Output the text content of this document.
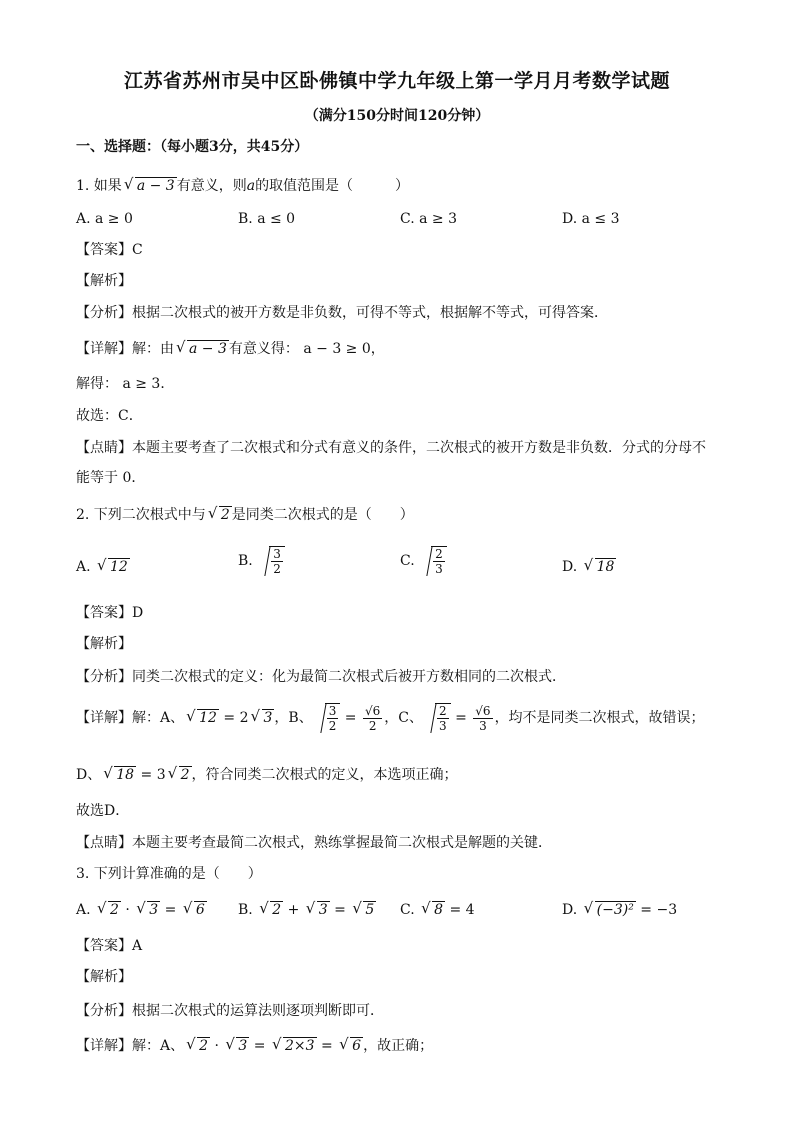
江苏省苏州市吴中区卧佛镇中学九年级上第一学月月考数学试题
（满分150分时间120分钟）
一、选择题：（每小题3分，共45分）
1. 如果 √ a − 3 有意义，则a的取值范围是（　　　）
A. a ≥ 0	B. a ≤ 0	C. a ≥ 3	D. a ≤ 3
【答案】C
【解析】
【分析】根据二次根式的被开方数是非负数，可得不等式，根据解不等式，可得答案．
【详解】解：由 √ a − 3 有意义得： a − 3 ≥ 0，
解得： a ≥ 3．
故选：C．
【点睛】本题主要考查了二次根式和分式有意义的条件，二次根式的被开方数是非负数．分式的分母不
能等于 0．
2. 下列二次根式中与 √ 2 是同类二次根式的是（　　）
A. √ 12	B. $\frac{3}{2}$	C. $\frac{2}{3}$	D. √ 18
【答案】D
【解析】
【分析】同类二次根式的定义：化为最简二次根式后被开方数相同的二次根式．
【详解】解：A、 √ 12 = 2 √ 3 ，B、 $\frac{3}{2} = \frac{√6}{2}$ ，C、 $\frac{2}{3} = \frac{√6}{3}$ ，均不是同类二次根式，故错误；
D、 √ 18 = 3 √ 2 ，符合同类二次根式的定义，本选项正确；
故选D．
【点睛】本题主要考查最简二次根式，熟练掌握最简二次根式是解题的关键．
3. 下列计算准确的是（　　）
A. √ 2 · √ 3 = √ 6 B. √ 2 + √ 3 = √ 5 C. √ 8 = 4	D. √ (−3)² = −3
【答案】A
【解析】
【分析】根据二次根式的运算法则逐项判断即可．
【详解】解：A、 √ 2 · √ 3 = √ 2×3 = √ 6 ，故正确；
